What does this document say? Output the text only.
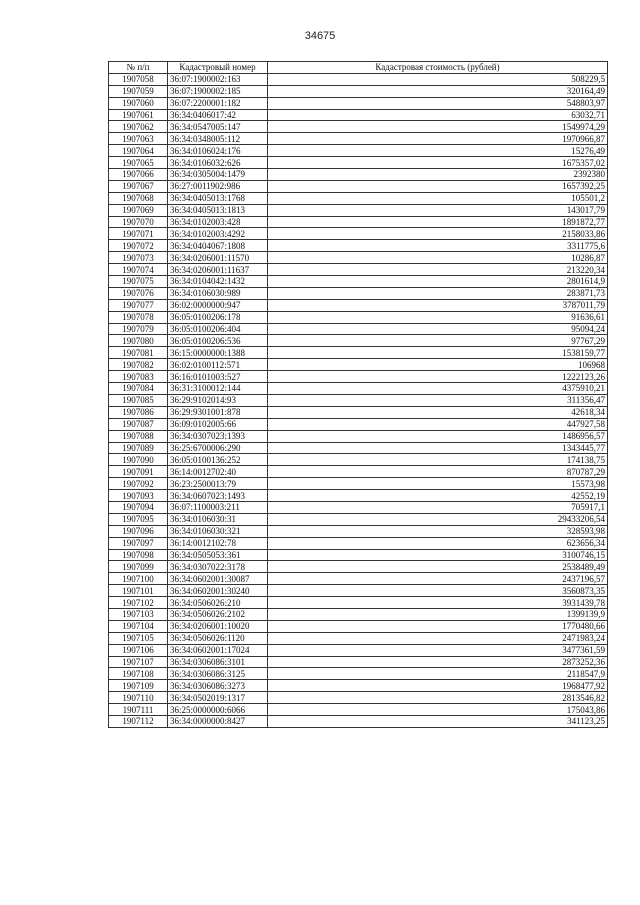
34675
№ п/п	Кадастровый номер	Кадастровая стоимость (рублей)
1907058	36:07:1900002:163	508229,5
1907059	36:07:1900002:185	320164,49
1907060	36:07:2200001:182	548803,97
1907061	36:34:0406017:42	63032,71
1907062	36:34:0547005:147	1549974,29
1907063	36:34:0348005:112	1970966,87
1907064	36:34:0106024:176	15276,49
1907065	36:34:0106032:626	1675357,02
1907066	36:34:0305004:1479	2392380
1907067	36:27:0011902:986	1657392,25
1907068	36:34:0405013:1768	105501,2
1907069	36:34:0405013:1813	143017,79
1907070	36:34:0102003:428	1891872,77
1907071	36:34:0102003:4292	2158033,86
1907072	36:34:0404067:1808	3311775,6
1907073	36:34:0206001:11570	10286,87
1907074	36:34:0206001:11637	213220,34
1907075	36:34:0104042:1432	2801614,9
1907076	36:34:0106030:989	283871,73
1907077	36:02:0000000:947	3787011,79
1907078	36:05:0100206:178	91636,61
1907079	36:05:0100206:404	95094,24
1907080	36:05:0100206:536	97767,29
1907081	36:15:0000000:1388	1538159,77
1907082	36:02:0100112:571	106968
1907083	36:16:0101003:527	1222123,26
1907084	36:31:3100012:144	4375910,21
1907085	36:29:9102014:93	311356,47
1907086	36:29:9301001:878	42618,34
1907087	36:09:0102005:66	447927,58
1907088	36:34:0307023:1393	1486956,57
1907089	36:25:6700006:290	1343445,77
1907090	36:05:0100136:252	174138,75
1907091	36:14:0012702:40	870787,29
1907092	36:23:2500013:79	15573,98
1907093	36:34:0607023:1493	42552,19
1907094	36:07:1100003:211	705917,1
1907095	36:34:0106030:31	29433206,54
1907096	36:34:0106030:321	328593,98
1907097	36:14:0012102:78	623656,34
1907098	36:34:0505053:361	3100746,15
1907099	36:34:0307022:3178	2538489,49
1907100	36:34:0602001:30087	2437196,57
1907101	36:34:0602001:30240	3560873,35
1907102	36:34:0506026:210	3931439,78
1907103	36:34:0506026:2102	1399139,9
1907104	36:34:0206001:10020	1770480,66
1907105	36:34:0506026:1120	2471983,24
1907106	36:34:0602001:17024	3477361,59
1907107	36:34:0306086:3101	2873252,36
1907108	36:34:0306086:3125	2118547,9
1907109	36:34:0306086:3273	1968477,92
1907110	36:34:0502019:1317	2813546,82
1907111	36:25:0000000:6066	175043,86
1907112	36:34:0000000:8427	341123,25
